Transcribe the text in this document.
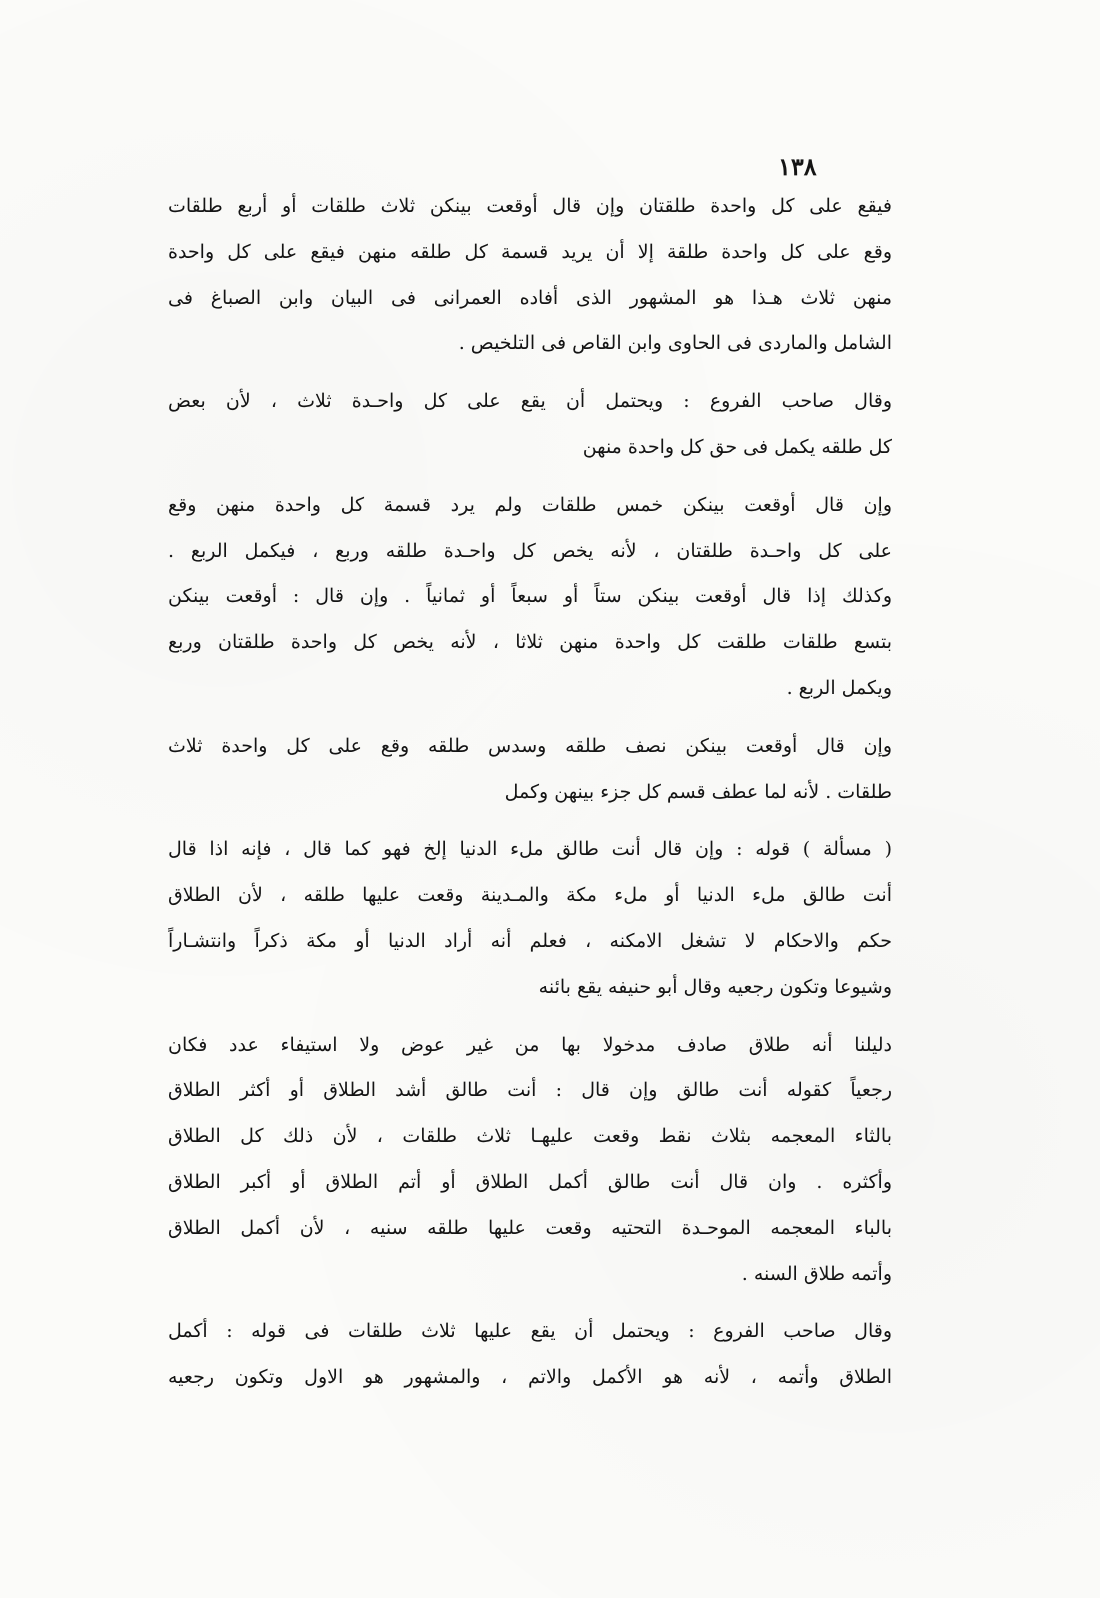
١٣٨
فيقع على كل واحدة طلقتان وإن قال أوقعت بينكن ثلاث طلقات أو أربع طلقات
وقع على كل واحدة طلقة إلا أن يريد قسمة كل طلقه منهن فيقع على كل واحدة
منهن ثلاث هـذا هو المشهور الذى أفاده العمرانى فى البيان وابن الصباغ فى
الشامل والماردى فى الحاوى وابن القاص فى التلخيص .
وقال صاحب الفروع : ويحتمل أن يقع على كل واحـدة ثلاث ، لأن بعض
كل طلقه يكمل فى حق كل واحدة منهن
وإن قال أوقعت بينكن خمس طلقات ولم يرد قسمة كل واحدة منهن وقع
على كل واحـدة طلقتان ، لأنه يخص كل واحـدة طلقه وربع ، فيكمل الربع .
وكذلك إذا قال أوقعت بينكن ستاً أو سبعاً أو ثمانياً . وإن قال : أوقعت بينكن
بتسع طلقات طلقت كل واحدة منهن ثلاثا ، لأنه يخص كل واحدة طلقتان وربع
ويكمل الربع .
وإن قال أوقعت بينكن نصف طلقه وسدس طلقه وقع على كل واحدة ثلاث
طلقات . لأنه لما عطف قسم كل جزء بينهن وكمل
( مسألة ) قوله : وإن قال أنت طالق ملء الدنيا إلخ فهو كما قال ، فإنه اذا قال
أنت طالق ملء الدنيا أو ملء مكة والمـدينة وقعت عليها طلقه ، لأن الطلاق
حكم والاحكام لا تشغل الامكنه ، فعلم أنه أراد الدنيا أو مكة ذكراً وانتشـاراً
وشيوعا وتكون رجعيه وقال أبو حنيفه يقع بائنه
دليلنا أنه طلاق صادف مدخولا بها من غير عوض ولا استيفاء عدد فكان
رجعياً كقوله أنت طالق وإن قال : أنت طالق أشد الطلاق أو أكثر الطلاق
بالثاء المعجمه بثلاث نقط وقعت عليهـا ثلاث طلقات ، لأن ذلك كل الطلاق
وأكثره . وان قال أنت طالق أكمل الطلاق أو أتم الطلاق أو أكبر الطلاق
بالباء المعجمه الموحـدة التحتيه وقعت عليها طلقه سنيه ، لأن أكمل الطلاق
وأتمه طلاق السنه .
وقال صاحب الفروع : ويحتمل أن يقع عليها ثلاث طلقات فى قوله : أكمل
الطلاق وأتمه ، لأنه هو الأكمل والاتم ، والمشهور هو الاول وتكون رجعيه
